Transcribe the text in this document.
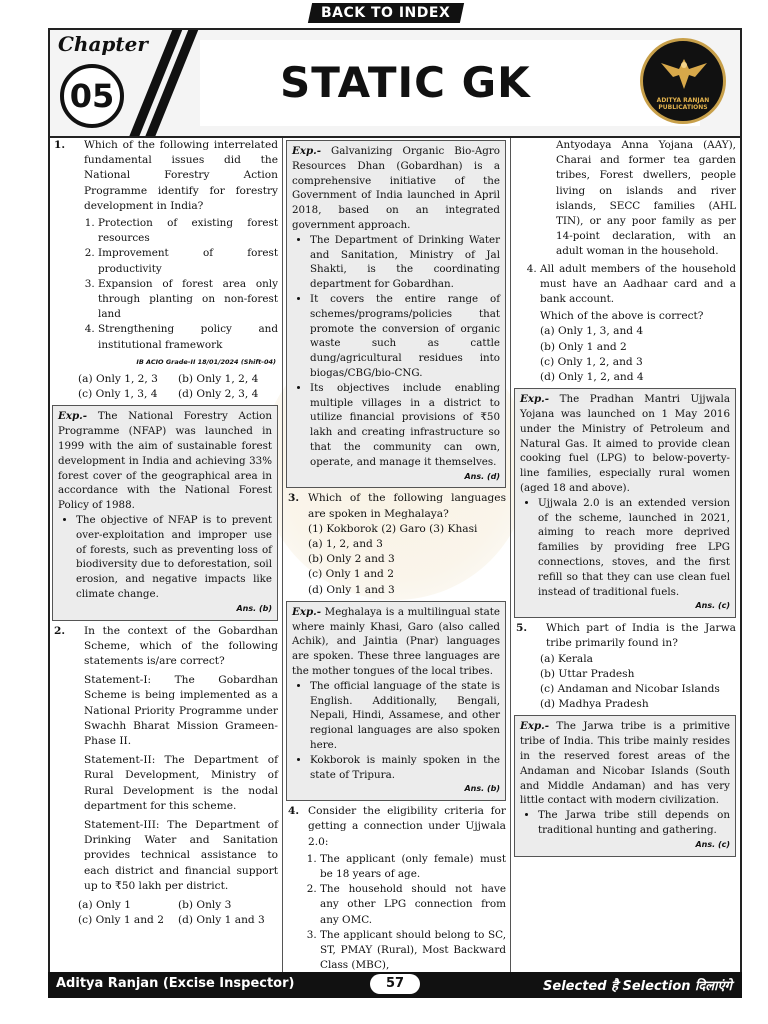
BACK TO INDEX
Chapter
05	STATIC GK	ADITYA RANJAN PUBLICATIONS
1. Which of the following interrelated fundamental issues did the National Forestry Action Programme identify for forestry development in India?
1. Protection of existing forest resources
2. Improvement of forest productivity
3. Expansion of forest area only through planting on non-forest land
4. Strengthening policy and institutional framework
IB ACIO Grade-II 18/01/2024 (Shift-04)
(a) Only 1, 2, 3	(b) Only 1, 2, 4
(c) Only 1, 3, 4	(d) Only 2, 3, 4
Exp.- The National Forestry Action Programme (NFAP) was launched in 1999 with the aim of sustainable forest development in India and achieving 33% forest cover of the geographical area in accordance with the National Forest Policy of 1988.
• The objective of NFAP is to prevent over-exploitation and improper use of forests, such as preventing loss of biodiversity due to deforestation, soil erosion, and negative impacts like climate change.
Ans. (b)
2. In the context of the Gobardhan Scheme, which of the following statements is/are correct?
Statement-I: The Gobardhan Scheme is being implemented as a National Priority Programme under Swachh Bharat Mission Grameen-Phase II.
Statement-II: The Department of Rural Development, Ministry of Rural Development is the nodal department for this scheme.
Statement-III: The Department of Drinking Water and Sanitation provides technical assistance to each district and financial support up to ₹50 lakh per district.
(a) Only 1	(b) Only 3
(c) Only 1 and 2	(d) Only 1 and 3
Exp.- Galvanizing Organic Bio-Agro Resources Dhan (Gobardhan) is a comprehensive initiative of the Government of India launched in April 2018, based on an integrated government approach.
• The Department of Drinking Water and Sanitation, Ministry of Jal Shakti, is the coordinating department for Gobardhan.
• It covers the entire range of schemes/programs/policies that promote the conversion of organic waste such as cattle dung/agricultural residues into biogas/CBG/bio-CNG.
• Its objectives include enabling multiple villages in a district to utilize financial provisions of ₹50 lakh and creating infrastructure so that the community can own, operate, and manage it themselves.
Ans. (d)
3. Which of the following languages are spoken in Meghalaya?
(1) Kokborok (2) Garo (3) Khasi
(a) 1, 2, and 3
(b) Only 2 and 3
(c) Only 1 and 2
(d) Only 1 and 3
Exp.- Meghalaya is a multilingual state where mainly Khasi, Garo (also called Achik), and Jaintia (Pnar) languages are spoken. These three languages are the mother tongues of the local tribes.
• The official language of the state is English. Additionally, Bengali, Nepali, Hindi, Assamese, and other regional languages are also spoken here.
• Kokborok is mainly spoken in the state of Tripura.
Ans. (b)
4. Consider the eligibility criteria for getting a connection under Ujjwala 2.0:
1. The applicant (only female) must be 18 years of age.
2. The household should not have any other LPG connection from any OMC.
3. The applicant should belong to SC, ST, PMAY (Rural), Most Backward Class (MBC),
Antyodaya Anna Yojana (AAY), Charai and former tea garden tribes, Forest dwellers, people living on islands and river islands, SECC families (AHL TIN), or any poor family as per 14-point declaration, with an adult woman in the household.
4. All adult members of the household must have an Aadhaar card and a bank account.
Which of the above is correct?
(a) Only 1, 3, and 4
(b) Only 1 and 2
(c) Only 1, 2, and 3
(d) Only 1, 2, and 4
Exp.- The Pradhan Mantri Ujjwala Yojana was launched on 1 May 2016 under the Ministry of Petroleum and Natural Gas. It aimed to provide clean cooking fuel (LPG) to below-poverty-line families, especially rural women (aged 18 and above).
• Ujjwala 2.0 is an extended version of the scheme, launched in 2021, aiming to reach more deprived families by providing free LPG connections, stoves, and the first refill so that they can use clean fuel instead of traditional fuels.
Ans. (c)
5. Which part of India is the Jarwa tribe primarily found in?
(a) Kerala
(b) Uttar Pradesh
(c) Andaman and Nicobar Islands
(d) Madhya Pradesh
Exp.- The Jarwa tribe is a primitive tribe of India. This tribe mainly resides in the reserved forest areas of the Andaman and Nicobar Islands (South and Middle Andaman) and has very little contact with modern civilization.
• The Jarwa tribe still depends on traditional hunting and gathering.
Ans. (c)
Aditya Ranjan (Excise Inspector)	57	Selected है Selection दिलाएंगे
